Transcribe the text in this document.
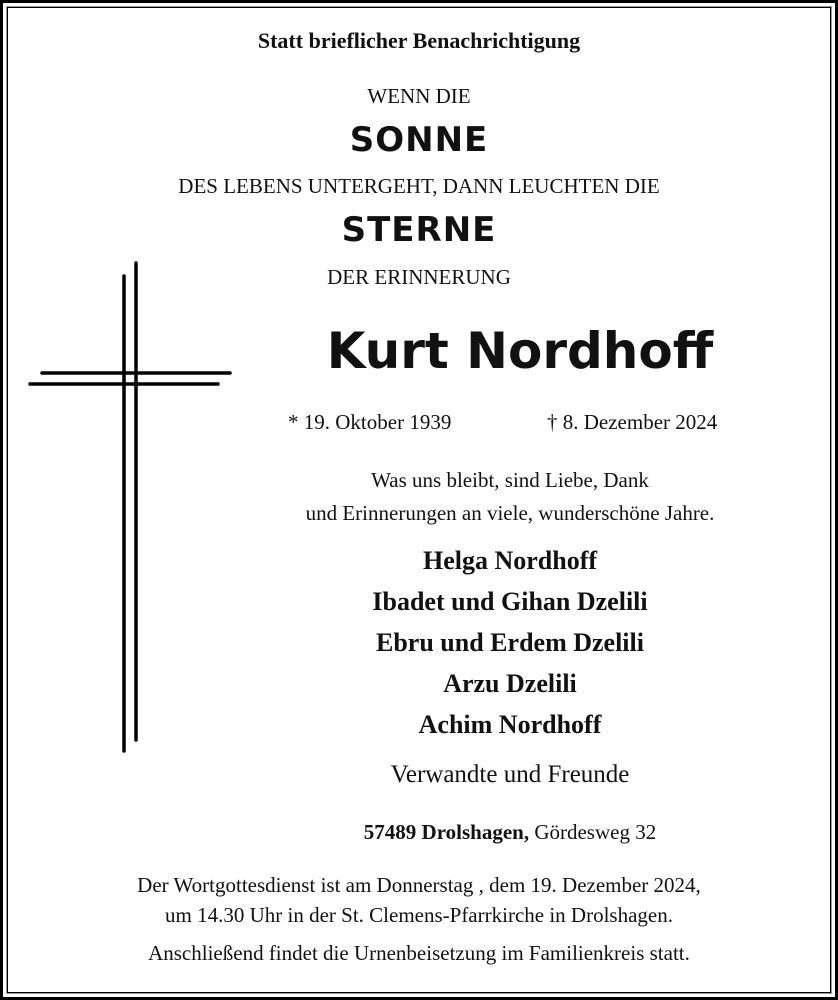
Statt brieflicher Benachrichtigung
WENN DIE
SONNE
DES LEBENS UNTERGEHT, DANN LEUCHTEN DIE
STERNE
DER ERINNERUNG
Kurt Nordhoff
* 19. Oktober 1939	† 8. Dezember 2024
Was uns bleibt, sind Liebe, Dank
und Erinnerungen an viele, wunderschöne Jahre.
Helga Nordhoff
Ibadet und Gihan Dzelili
Ebru und Erdem Dzelili
Arzu Dzelili
Achim Nordhoff
Verwandte und Freunde
57489 Drolshagen, Gördesweg 32
Der Wortgottesdienst ist am Donnerstag , dem 19. Dezember 2024,
um 14.30 Uhr in der St. Clemens-Pfarrkirche in Drolshagen.
Anschließend findet die Urnenbeisetzung im Familienkreis statt.
